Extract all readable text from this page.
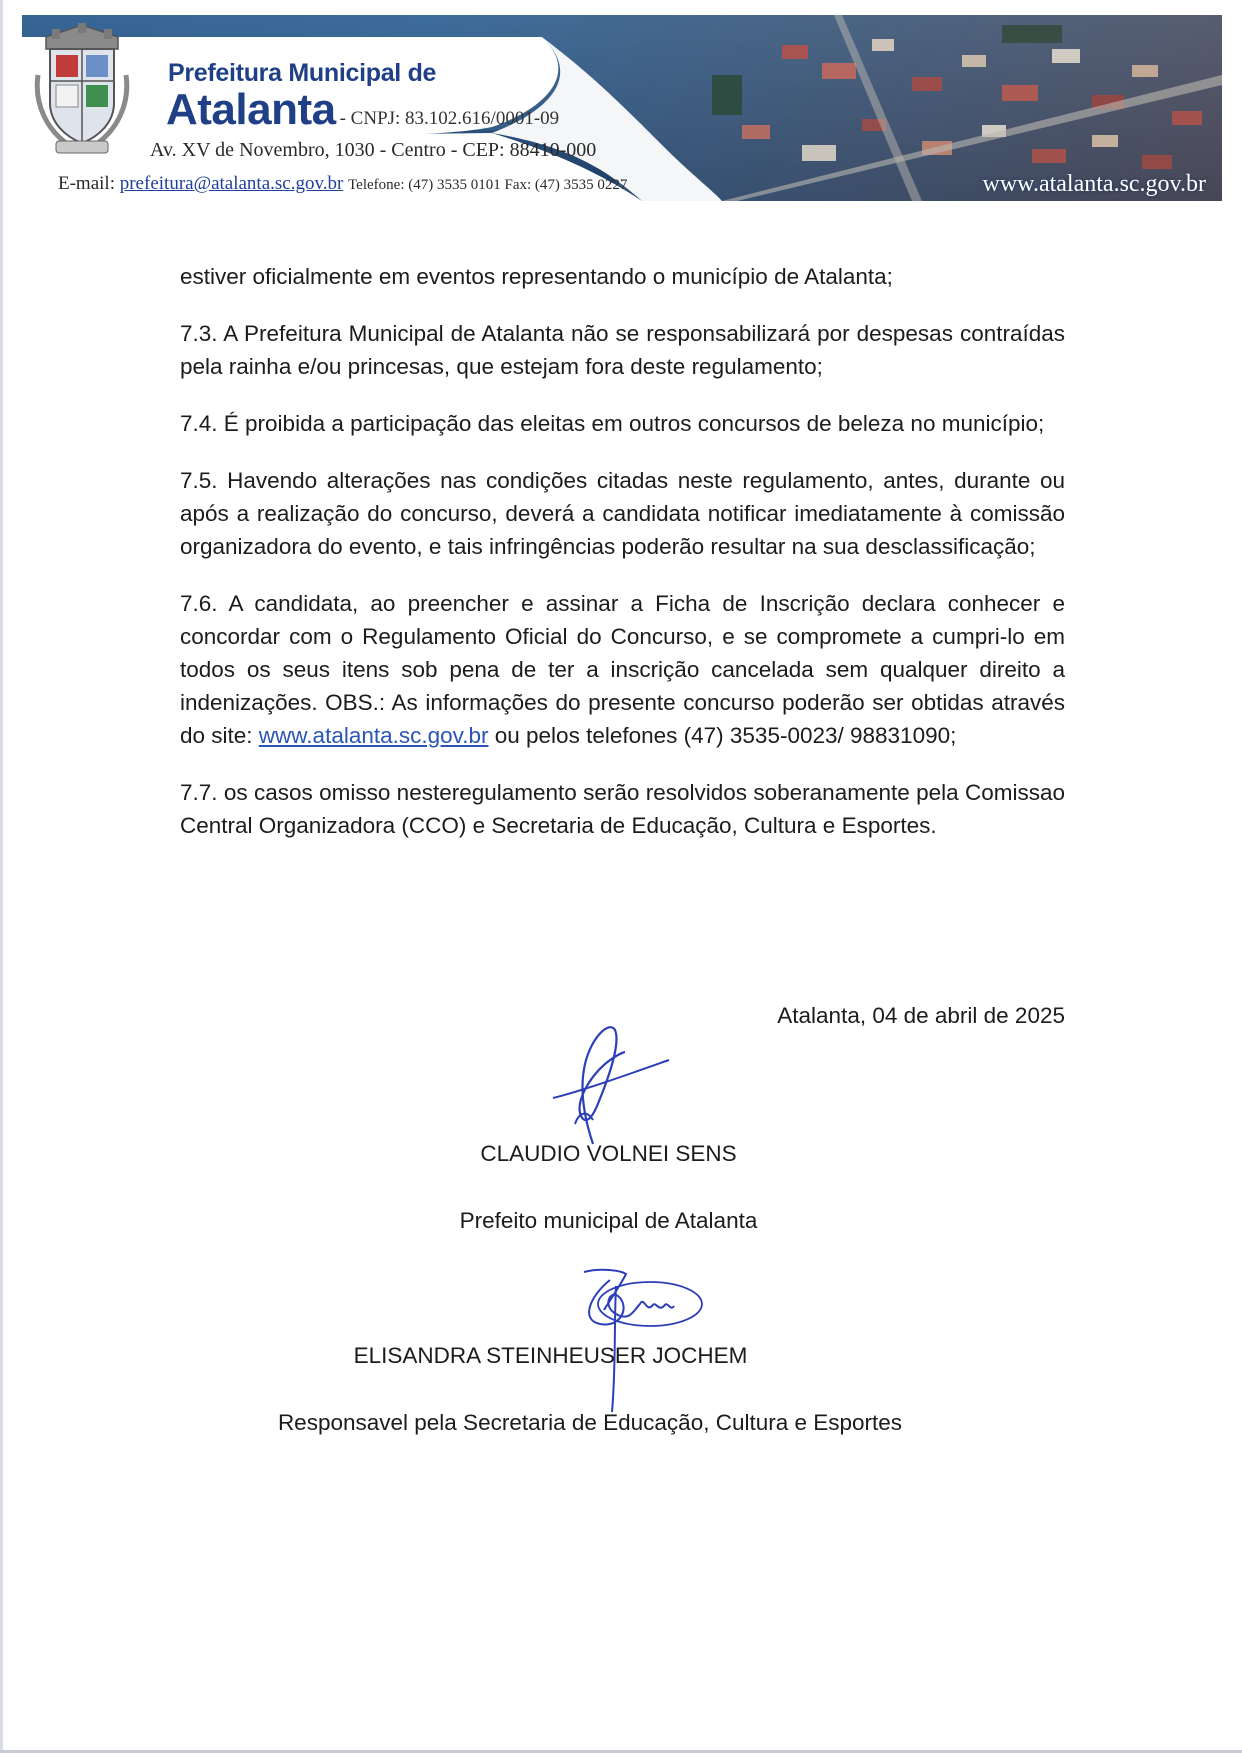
Prefeitura Municipal de
Atalanta - CNPJ: 83.102.616/0001-09
Av. XV de Novembro, 1030 - Centro - CEP: 88410-000
E-mail: prefeitura@atalanta.sc.gov.br Telefone: (47) 3535 0101 Fax: (47) 3535 0227	www.atalanta.sc.gov.br

estiver oficialmente em eventos representando o município de Atalanta;

7.3. A Prefeitura Municipal de Atalanta não se responsabilizará por despesas contraídas pela rainha e/ou princesas, que estejam fora deste regulamento;

7.4. É proibida a participação das eleitas em outros concursos de beleza no município;

7.5. Havendo alterações nas condições citadas neste regulamento, antes, durante ou após a realização do concurso, deverá a candidata notificar imediatamente à comissão organizadora do evento, e tais infringências poderão resultar na sua desclassificação;

7.6. A candidata, ao preencher e assinar a Ficha de Inscrição declara conhecer e concordar com o Regulamento Oficial do Concurso, e se compromete a cumpri-lo em todos os seus itens sob pena de ter a inscrição cancelada sem qualquer direito a indenizações. OBS.: As informações do presente concurso poderão ser obtidas através do site: www.atalanta.sc.gov.br ou pelos telefones (47) 3535-0023/ 98831090;

7.7. os casos omisso nesteregulamento serão resolvidos soberanamente pela Comissao Central Organizadora (CCO) e Secretaria de Educação, Cultura e Esportes.

Atalanta, 04 de abril de 2025
CLAUDIO VOLNEI SENS
Prefeito municipal de Atalanta
ELISANDRA STEINHEUSER JOCHEM
Responsavel pela Secretaria de Educação, Cultura e Esportes
